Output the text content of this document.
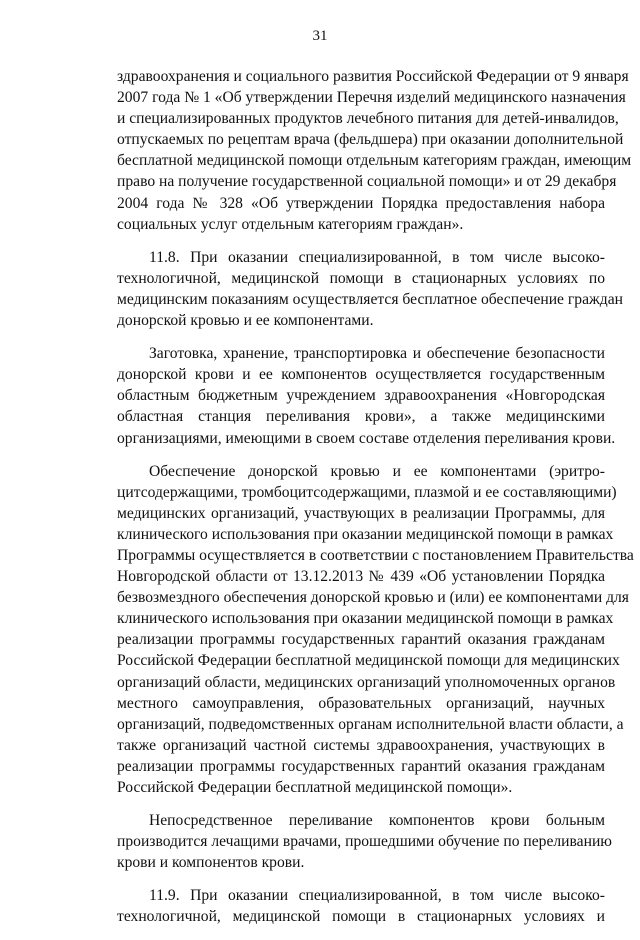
31
здравоохранения и социального развития Российской Федерации от 9 января
2007 года № 1 «Об утверждении Перечня изделий медицинского назначения
и специализированных продуктов лечебного питания для детей-инвалидов,
отпускаемых по рецептам врача (фельдшера) при оказании дополнительной
бесплатной медицинской помощи отдельным категориям граждан, имеющим
право на получение государственной социальной помощи» и от 29 декабря
2004 года № 328 «Об утверждении Порядка предоставления набора
социальных услуг отдельным категориям граждан».
11.8. При оказании специализированной, в том числе высоко-
технологичной, медицинской помощи в стационарных условиях по
медицинским показаниям осуществляется бесплатное обеспечение граждан
донорской кровью и ее компонентами.
Заготовка, хранение, транспортировка и обеспечение безопасности
донорской крови и ее компонентов осуществляется государственным
областным бюджетным учреждением здравоохранения «Новгородская
областная станция переливания крови», а также медицинскими
организациями, имеющими в своем составе отделения переливания крови.
Обеспечение донорской кровью и ее компонентами (эритро-
цитсодержащими, тромбоцитсодержащими, плазмой и ее составляющими)
медицинских организаций, участвующих в реализации Программы, для
клинического использования при оказании медицинской помощи в рамках
Программы осуществляется в соответствии с постановлением Правительства
Новгородской области от 13.12.2013 № 439 «Об установлении Порядка
безвозмездного обеспечения донорской кровью и (или) ее компонентами для
клинического использования при оказании медицинской помощи в рамках
реализации программы государственных гарантий оказания гражданам
Российской Федерации бесплатной медицинской помощи для медицинских
организаций области, медицинских организаций уполномоченных органов
местного самоуправления, образовательных организаций, научных
организаций, подведомственных органам исполнительной власти области, а
также организаций частной системы здравоохранения, участвующих в
реализации программы государственных гарантий оказания гражданам
Российской Федерации бесплатной медицинской помощи».
Непосредственное переливание компонентов крови больным
производится лечащими врачами, прошедшими обучение по переливанию
крови и компонентов крови.
11.9. При оказании специализированной, в том числе высоко-
технологичной, медицинской помощи в стационарных условиях и
